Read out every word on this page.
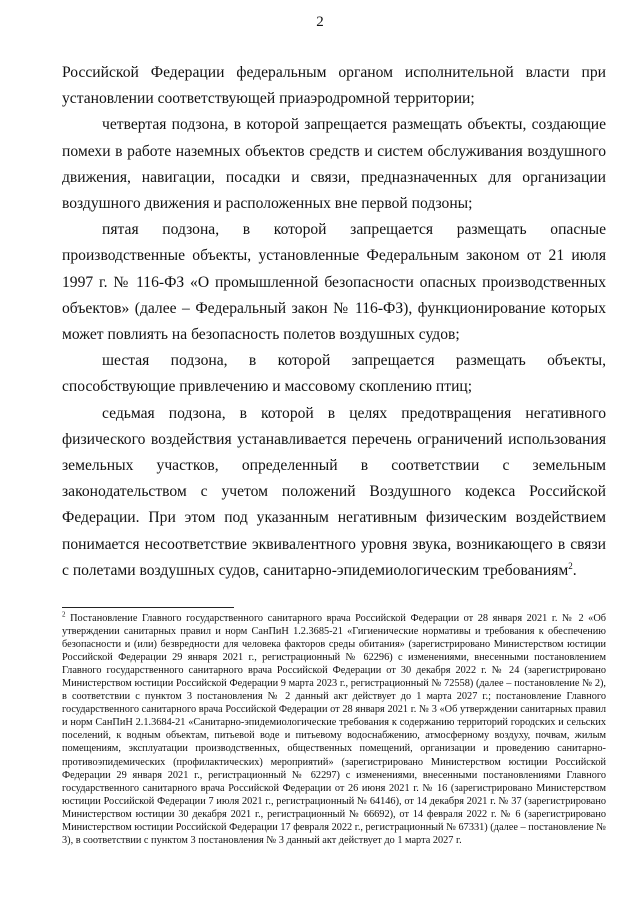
2

Российской Федерации федеральным органом исполнительной власти при установлении соответствующей приаэродромной территории;

четвертая подзона, в которой запрещается размещать объекты, создающие помехи в работе наземных объектов средств и систем обслуживания воздушного движения, навигации, посадки и связи, предназначенных для организации воздушного движения и расположенных вне первой подзоны;

пятая подзона, в которой запрещается размещать опасные производственные объекты, установленные Федеральным законом от 21 июля 1997 г. № 116-ФЗ «О промышленной безопасности опасных производственных объектов» (далее – Федеральный закон № 116-ФЗ), функционирование которых может повлиять на безопасность полетов воздушных судов;

шестая подзона, в которой запрещается размещать объекты, способствующие привлечению и массовому скоплению птиц;

седьмая подзона, в которой в целях предотвращения негативного физического воздействия устанавливается перечень ограничений использования земельных участков, определенный в соответствии с земельным законодательством с учетом положений Воздушного кодекса Российской Федерации. При этом под указанным негативным физическим воздействием понимается несоответствие эквивалентного уровня звука, возникающего в связи с полетами воздушных судов, санитарно-эпидемиологическим требованиям$^2$.

$^2$ Постановление Главного государственного санитарного врача Российской Федерации от 28 января 2021 г. № 2 «Об утверждении санитарных правил и норм СанПиН 1.2.3685-21 «Гигиенические нормативы и требования к обеспечению безопасности и (или) безвредности для человека факторов среды обитания» (зарегистрировано Министерством юстиции Российской Федерации 29 января 2021 г., регистрационный № 62296) с изменениями, внесенными постановлением Главного государственного санитарного врача Российской Федерации от 30 декабря 2022 г. № 24 (зарегистрировано Министерством юстиции Российской Федерации 9 марта 2023 г., регистрационный № 72558) (далее – постановление № 2), в соответствии с пунктом 3 постановления № 2 данный акт действует до 1 марта 2027 г.; постановление Главного государственного санитарного врача Российской Федерации от 28 января 2021 г. № 3 «Об утверждении санитарных правил и норм СанПиН 2.1.3684-21 «Санитарно-эпидемиологические требования к содержанию территорий городских и сельских поселений, к водным объектам, питьевой воде и питьевому водоснабжению, атмосферному воздуху, почвам, жилым помещениям, эксплуатации производственных, общественных помещений, организации и проведению санитарно-противоэпидемических (профилактических) мероприятий» (зарегистрировано Министерством юстиции Российской Федерации 29 января 2021 г., регистрационный № 62297) с изменениями, внесенными постановлениями Главного государственного санитарного врача Российской Федерации от 26 июня 2021 г. № 16 (зарегистрировано Министерством юстиции Российской Федерации 7 июля 2021 г., регистрационный № 64146), от 14 декабря 2021 г. № 37 (зарегистрировано Министерством юстиции 30 декабря 2021 г., регистрационный № 66692), от 14 февраля 2022 г. № 6 (зарегистрировано Министерством юстиции Российской Федерации 17 февраля 2022 г., регистрационный № 67331) (далее – постановление № 3), в соответствии с пунктом 3 постановления № 3 данный акт действует до 1 марта 2027 г.
